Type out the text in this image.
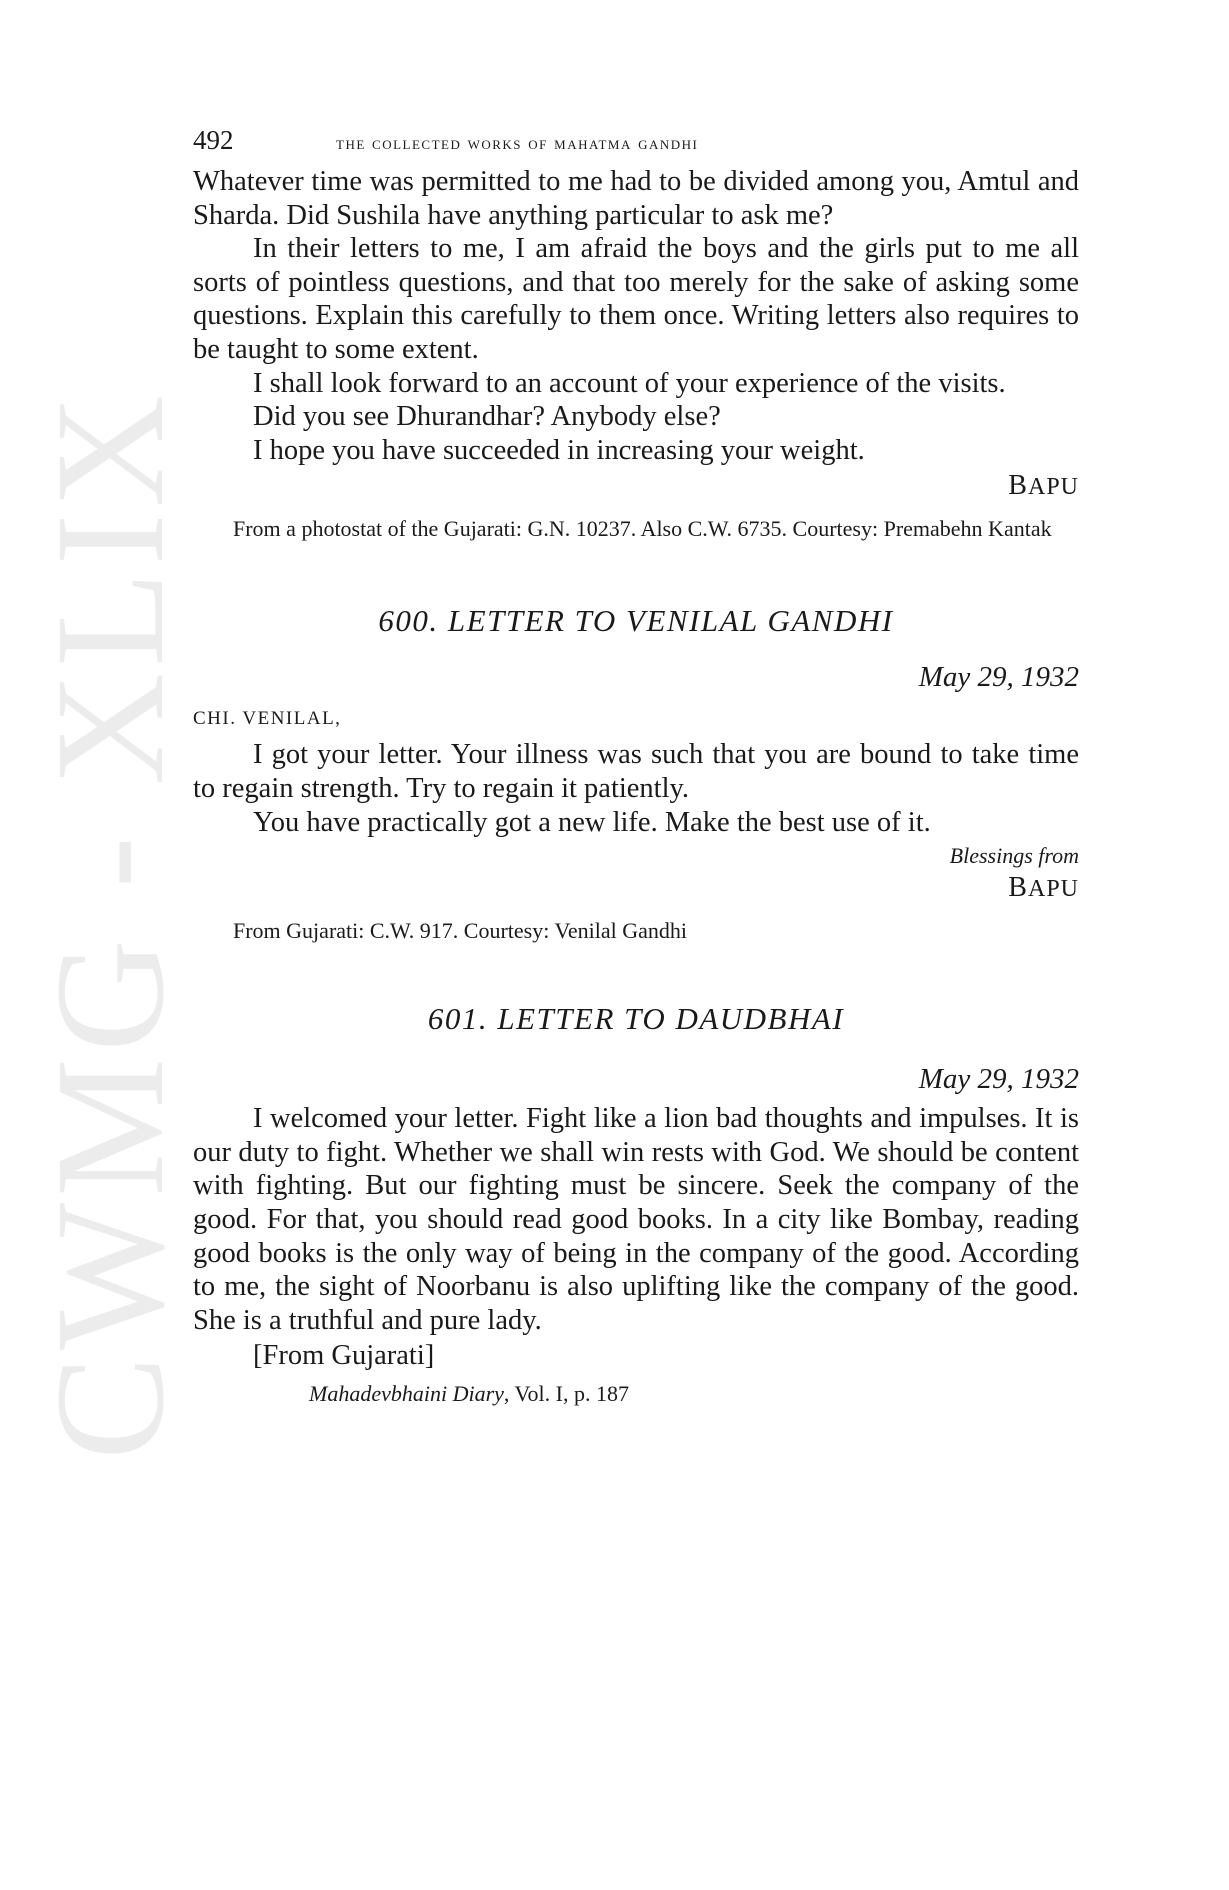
CWMG - XLIX
492	the collected works of mahatma gandhi

Whatever time was permitted to me had to be divided among you, Amtul and Sharda. Did Sushila have anything particular to ask me?

In their letters to me, I am afraid the boys and the girls put to me all sorts of pointless questions, and that too merely for the sake of asking some questions. Explain this carefully to them once. Writing letters also requires to be taught to some extent.

I shall look forward to an account of your experience of the visits.

Did you see Dhurandhar? Anybody else?

I hope you have succeeded in increasing your weight.

BAPU

From a photostat of the Gujarati: G.N. 10237. Also C.W. 6735. Courtesy: Premabehn Kantak

600. LETTER TO VENILAL GANDHI
May 29, 1932
CHI. VENILAL,

I got your letter. Your illness was such that you are bound to take time to regain strength. Try to regain it patiently.

You have practically got a new life. Make the best use of it.

Blessings from
BAPU

From Gujarati: C.W. 917. Courtesy: Venilal Gandhi

601. LETTER TO DAUDBHAI
May 29, 1932

I welcomed your letter. Fight like a lion bad thoughts and impulses. It is our duty to fight. Whether we shall win rests with God. We should be content with fighting. But our fighting must be sincere. Seek the company of the good. For that, you should read good books. In a city like Bombay, reading good books is the only way of being in the company of the good. According to me, the sight of Noorbanu is also uplifting like the company of the good. She is a truthful and pure lady.

[From Gujarati]

Mahadevbhaini Diary, Vol. I, p. 187
